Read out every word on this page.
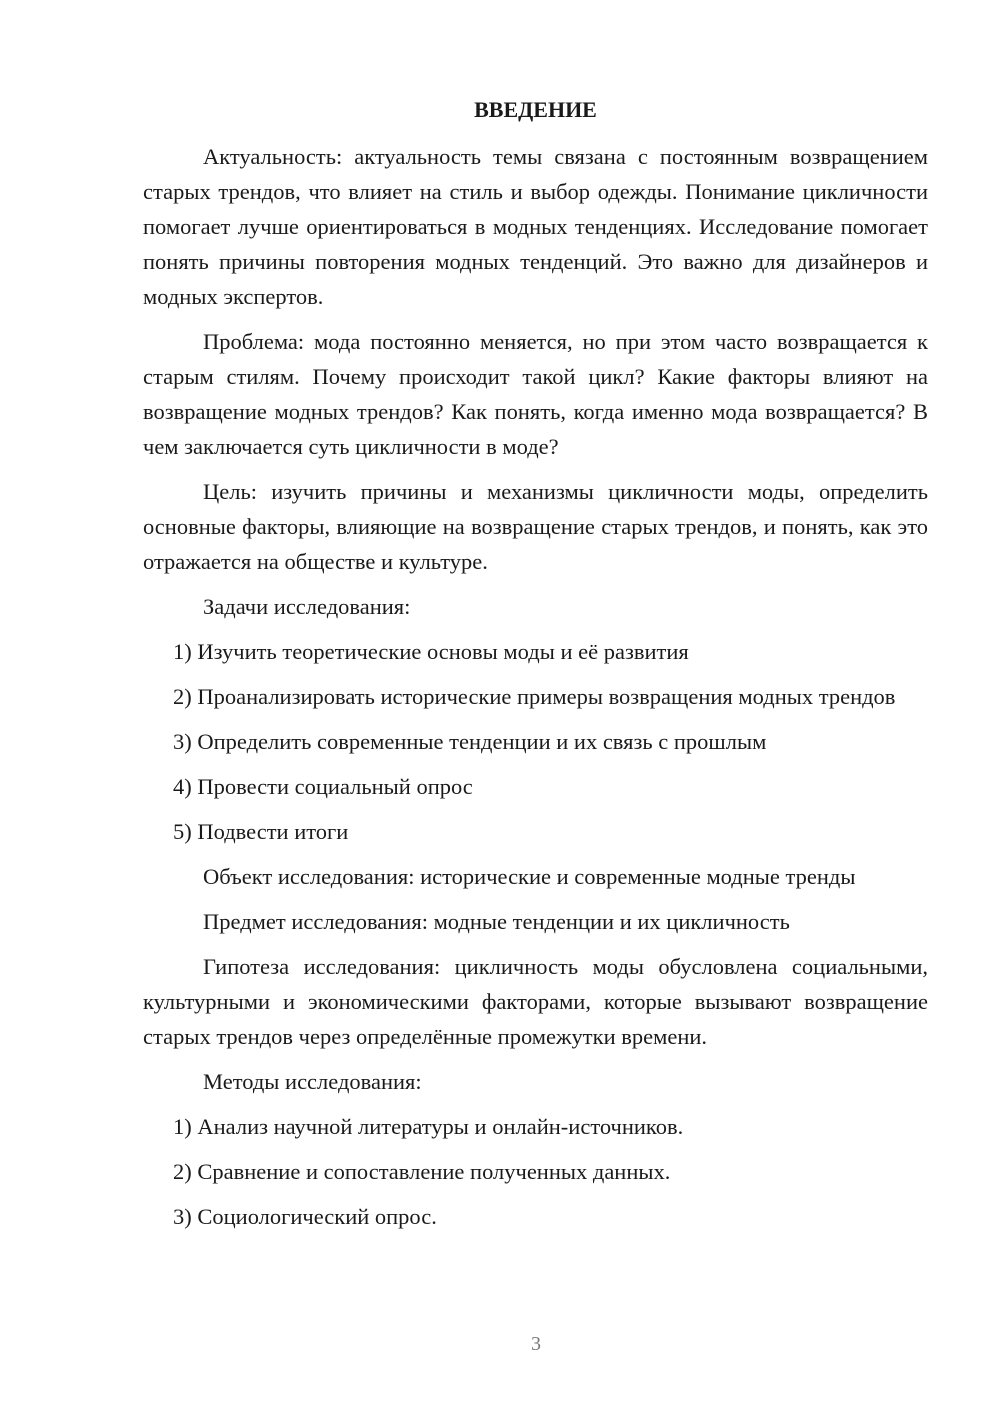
ВВЕДЕНИЕ

Актуальность: актуальность темы связана с постоянным возвращением старых трендов, что влияет на стиль и выбор одежды. Понимание цикличности помогает лучше ориентироваться в модных тенденциях. Исследование помогает понять причины повторения модных тенденций. Это важно для дизайнеров и модных экспертов.

Проблема: мода постоянно меняется, но при этом часто возвращается к старым стилям. Почему происходит такой цикл? Какие факторы влияют на возвращение модных трендов? Как понять, когда именно мода возвращается? В чем заключается суть цикличности в моде?

Цель: изучить причины и механизмы цикличности моды, определить основные факторы, влияющие на возвращение старых трендов, и понять, как это отражается на обществе и культуре.

Задачи исследования:

1) Изучить теоретические основы моды и её развития

2) Проанализировать исторические примеры возвращения модных трендов

3) Определить современные тенденции и их связь с прошлым

4) Провести социальный опрос

5) Подвести итоги

Объект исследования: исторические и современные модные тренды

Предмет исследования: модные тенденции и их цикличность

Гипотеза исследования: цикличность моды обусловлена социальными, культурными и экономическими факторами, которые вызывают возвращение старых трендов через определённые промежутки времени.

Методы исследования:

1) Анализ научной литературы и онлайн-источников.

2) Сравнение и сопоставление полученных данных.

3) Социологический опрос.

3
